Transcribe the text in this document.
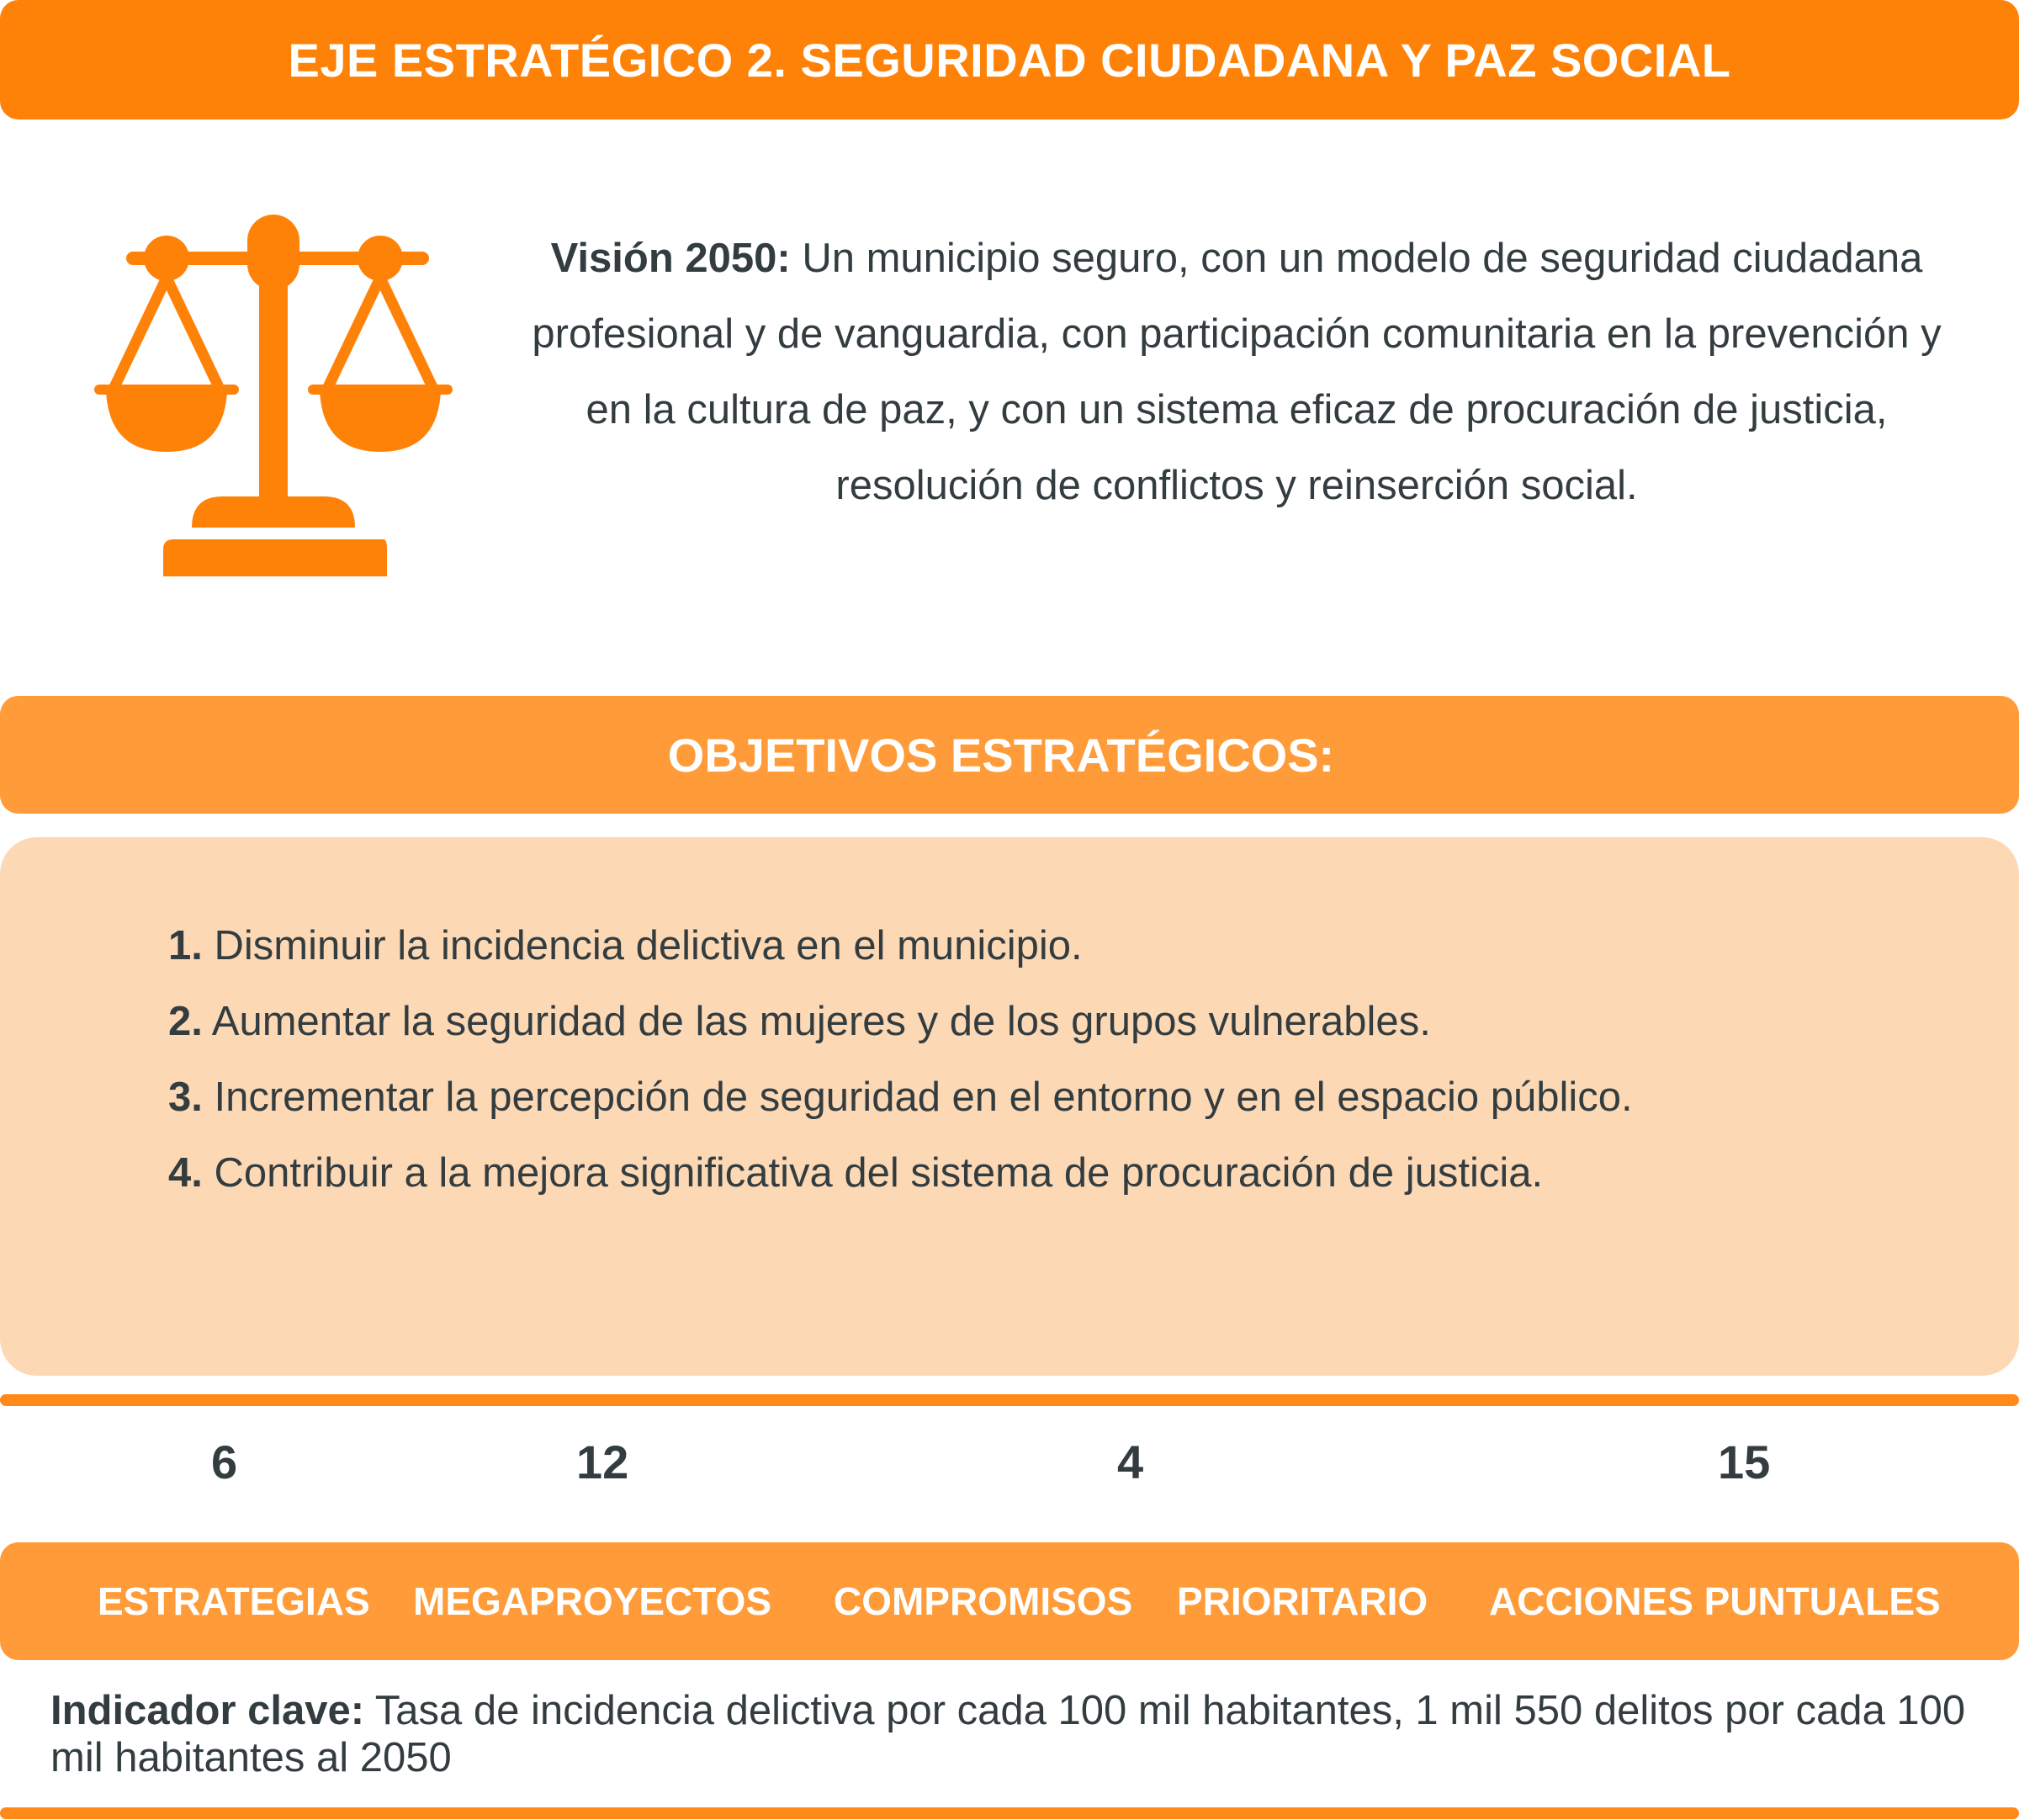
EJE ESTRATÉGICO 2. SEGURIDAD CIUDADANA Y PAZ SOCIAL
Visión 2050: Un municipio seguro, con un modelo de seguridad ciudadana profesional y de vanguardia, con participación comunitaria en la prevención y en la cultura de paz, y con un sistema eficaz de procuración de justicia, resolución de conflictos y reinserción social.
OBJETIVOS ESTRATÉGICOS:
1. Disminuir la incidencia delictiva en el municipio.
2. Aumentar la seguridad de las mujeres y de los grupos vulnerables.
3. Incrementar la percepción de seguridad en el entorno y en el espacio público.
4. Contribuir a la mejora significativa del sistema de procuración de justicia.
6	12	4	15
ESTRATEGIAS MEGAPROYECTOS COMPROMISOS PRIORITARIO ACCIONES PUNTUALES
Indicador clave: Tasa de incidencia delictiva por cada 100 mil habitantes, 1 mil 550 delitos por cada 100 mil habitantes al 2050
